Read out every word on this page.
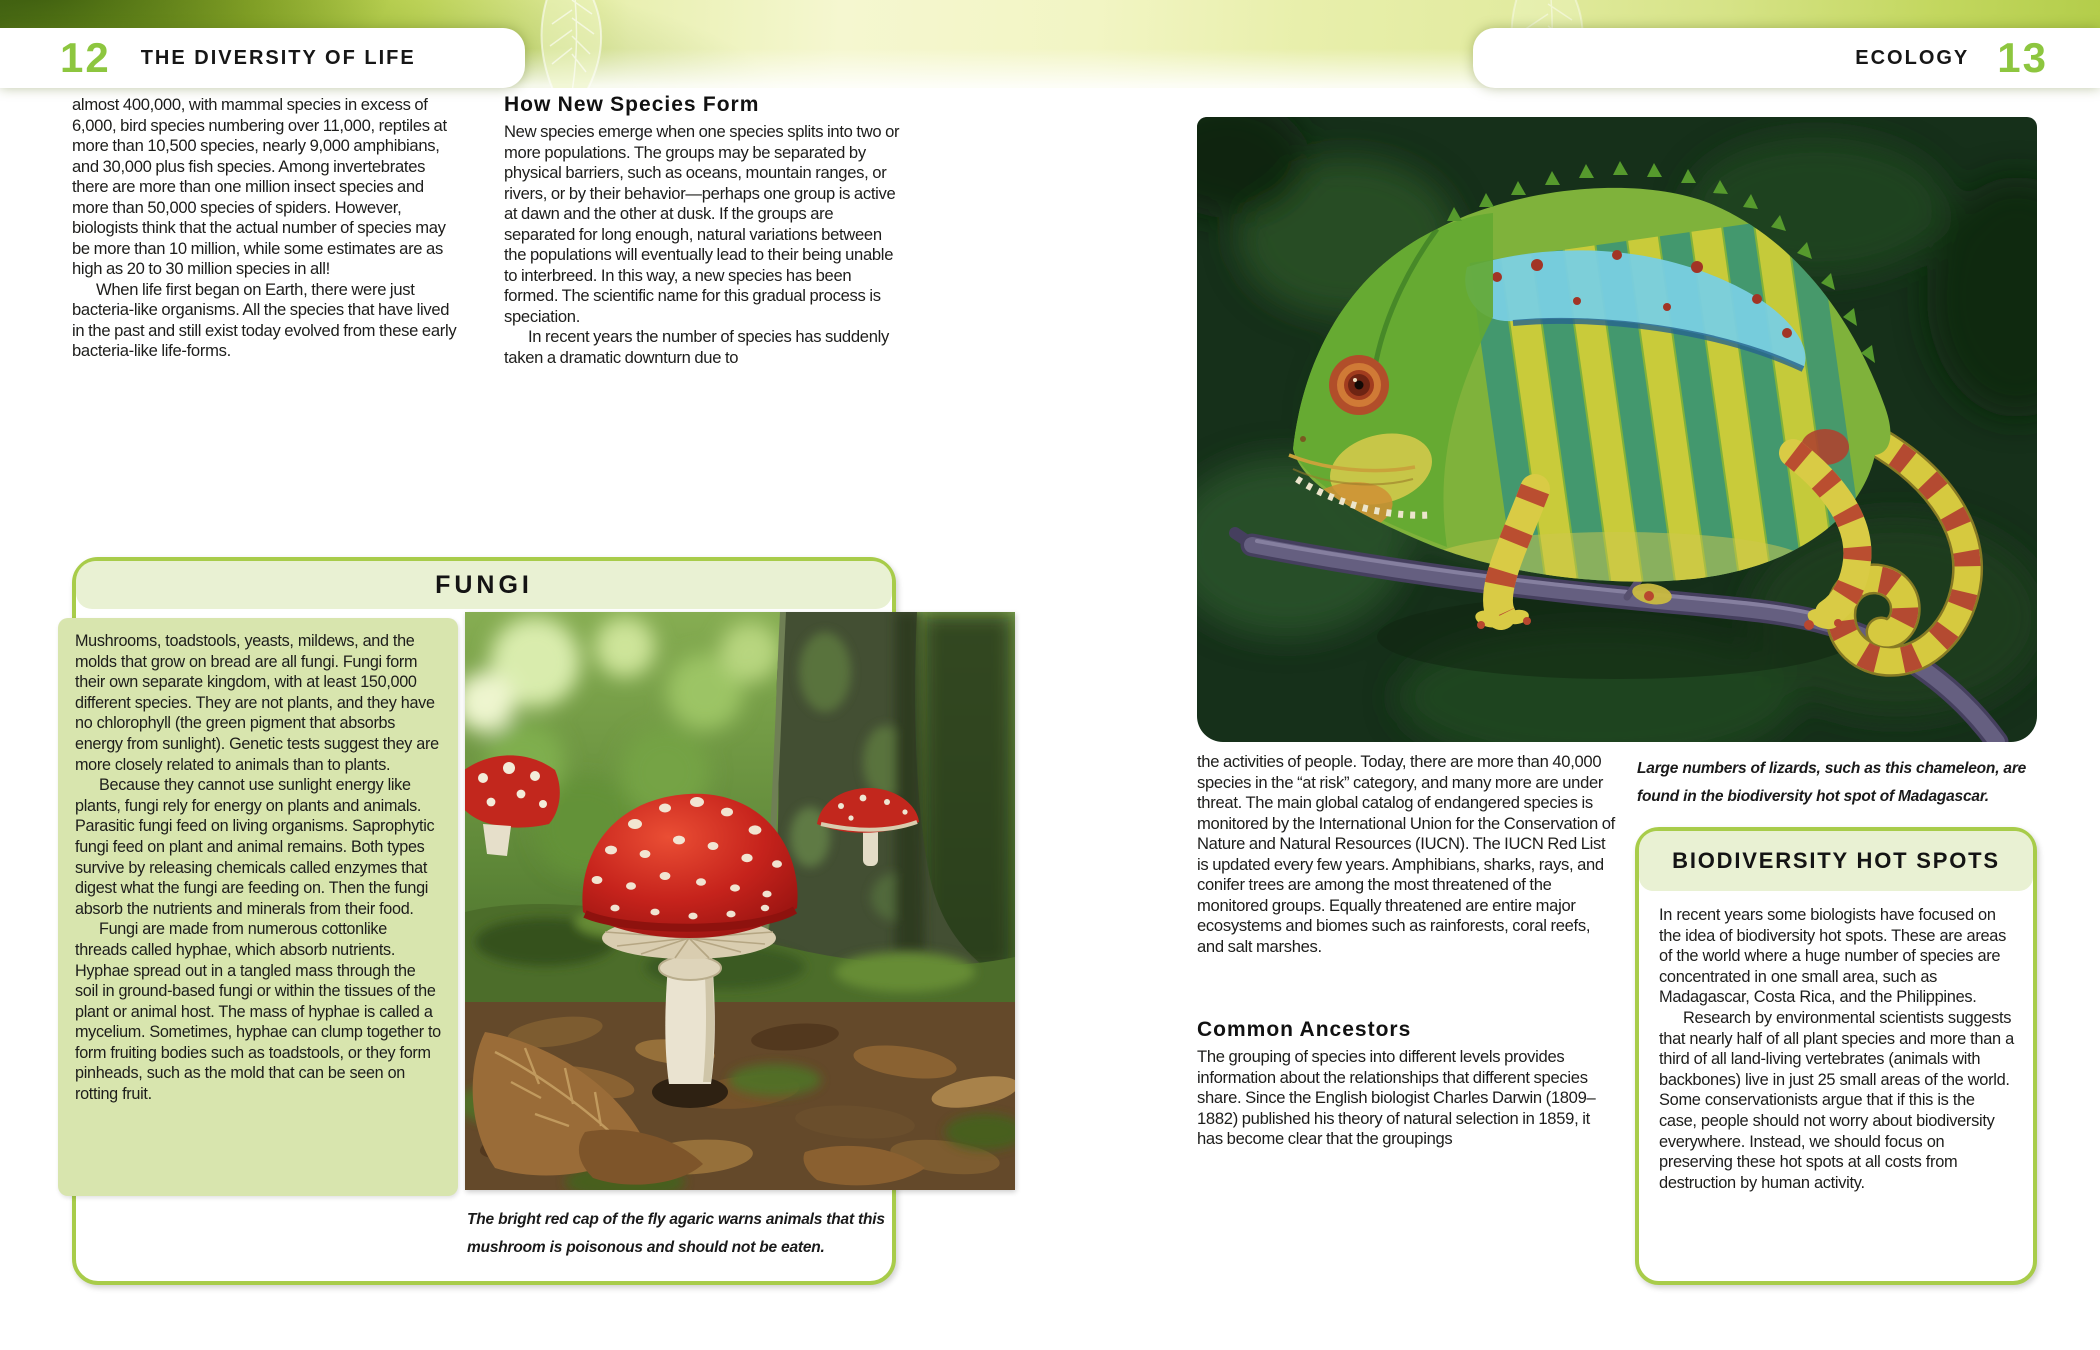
12 THE DIVERSITY OF LIFE	ECOLOGY 13

almost 400,000, with mammal species in excess of 6,000, bird species numbering over 11,000, reptiles at more than 10,500 species, nearly 9,000 amphibians, and 30,000 plus fish species. Among invertebrates there are more than one million insect species and more than 50,000 species of spiders. However, biologists think that the actual number of species may be more than 10 million, while some estimates are as high as 20 to 30 million species in all!

When life first began on Earth, there were just bacteria-like organisms. All the species that have lived in the past and still exist today evolved from these early bacteria-like life-forms.

How New Species Form

New species emerge when one species splits into two or more populations. The groups may be separated by physical barriers, such as oceans, mountain ranges, or rivers, or by their behavior—perhaps one group is active at dawn and the other at dusk. If the groups are separated for long enough, natural variations between the populations will eventually lead to their being unable to interbreed. In this way, a new species has been formed. The scientific name for this gradual process is speciation.

In recent years the number of species has suddenly taken a dramatic downturn due to

FUNGI

Mushrooms, toadstools, yeasts, mildews, and the molds that grow on bread are all fungi. Fungi form their own separate kingdom, with at least 150,000 different species. They are not plants, and they have no chlorophyll (the green pigment that absorbs energy from sunlight). Genetic tests suggest they are more closely related to animals than to plants.

Because they cannot use sunlight energy like plants, fungi rely for energy on plants and animals. Parasitic fungi feed on living organisms. Saprophytic fungi feed on plant and animal remains. Both types survive by releasing chemicals called enzymes that digest what the fungi are feeding on. Then the fungi absorb the nutrients and minerals from their food.

Fungi are made from numerous cottonlike threads called hyphae, which absorb nutrients. Hyphae spread out in a tangled mass through the soil in ground-based fungi or within the tissues of the plant or animal host. The mass of hyphae is called a mycelium. Sometimes, hyphae can clump together to form fruiting bodies such as toadstools, or they form pinheads, such as the mold that can be seen on rotting fruit.

The bright red cap of the fly agaric warns animals that this mushroom is poisonous and should not be eaten.

the activities of people. Today, there are more than 40,000 species in the “at risk” category, and many more are under threat. The main global catalog of endangered species is monitored by the International Union for the Conservation of Nature and Natural Resources (IUCN). The IUCN Red List is updated every few years. Amphibians, sharks, rays, and conifer trees are among the most threatened of the monitored groups. Equally threatened are entire major ecosystems and biomes such as rainforests, coral reefs, and salt marshes.

Common Ancestors

The grouping of species into different levels provides information about the relationships that different species share. Since the English biologist Charles Darwin (1809–1882) published his theory of natural selection in 1859, it has become clear that the groupings

Large numbers of lizards, such as this chameleon, are found in the biodiversity hot spot of Madagascar.
BIODIVERSITY HOT SPOTS

In recent years some biologists have focused on the idea of biodiversity hot spots. These are areas of the world where a huge number of species are concentrated in one small area, such as Madagascar, Costa Rica, and the Philippines.

Research by environmental scientists suggests that nearly half of all plant species and more than a third of all land-living vertebrates (animals with backbones) live in just 25 small areas of the world. Some conservationists argue that if this is the case, people should not worry about biodiversity everywhere. Instead, we should focus on preserving these hot spots at all costs from destruction by human activity.
